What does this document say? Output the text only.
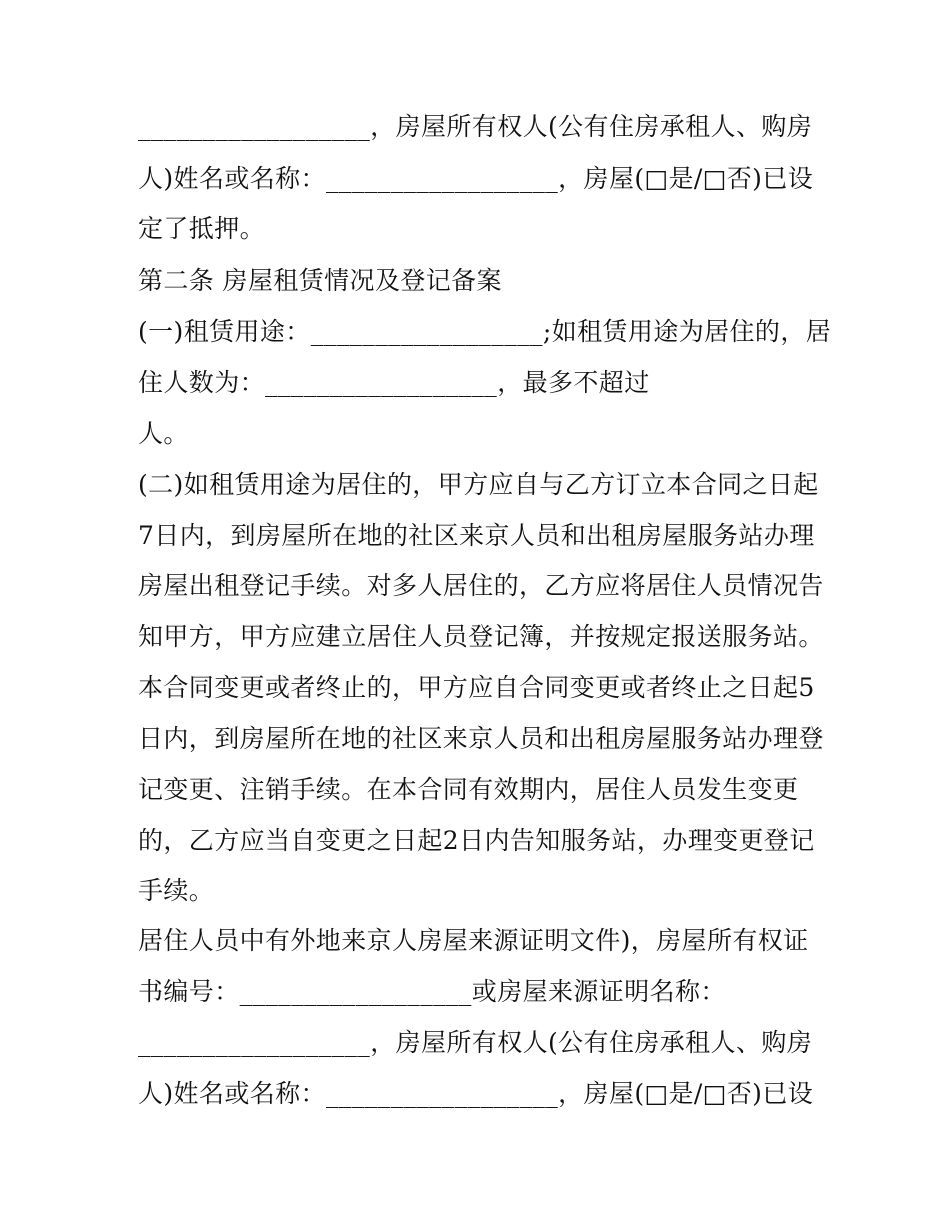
__________________，房屋所有权人(公有住房承租人、购房
人)姓名或名称：__________________，房屋(□是/□否)已设
定了抵押。
第二条 房屋租赁情况及登记备案
(一)租赁用途：__________________;如租赁用途为居住的，居
住人数为：__________________，最多不超过
人。
(二)如租赁用途为居住的，甲方应自与乙方订立本合同之日起
7日内，到房屋所在地的社区来京人员和出租房屋服务站办理
房屋出租登记手续。对多人居住的，乙方应将居住人员情况告
知甲方，甲方应建立居住人员登记簿，并按规定报送服务站。
本合同变更或者终止的，甲方应自合同变更或者终止之日起5
日内，到房屋所在地的社区来京人员和出租房屋服务站办理登
记变更、注销手续。在本合同有效期内，居住人员发生变更
的，乙方应当自变更之日起2日内告知服务站，办理变更登记
手续。
居住人员中有外地来京人房屋来源证明文件)，房屋所有权证
书编号：__________________或房屋来源证明名称：
__________________，房屋所有权人(公有住房承租人、购房
人)姓名或名称：__________________，房屋(□是/□否)已设
